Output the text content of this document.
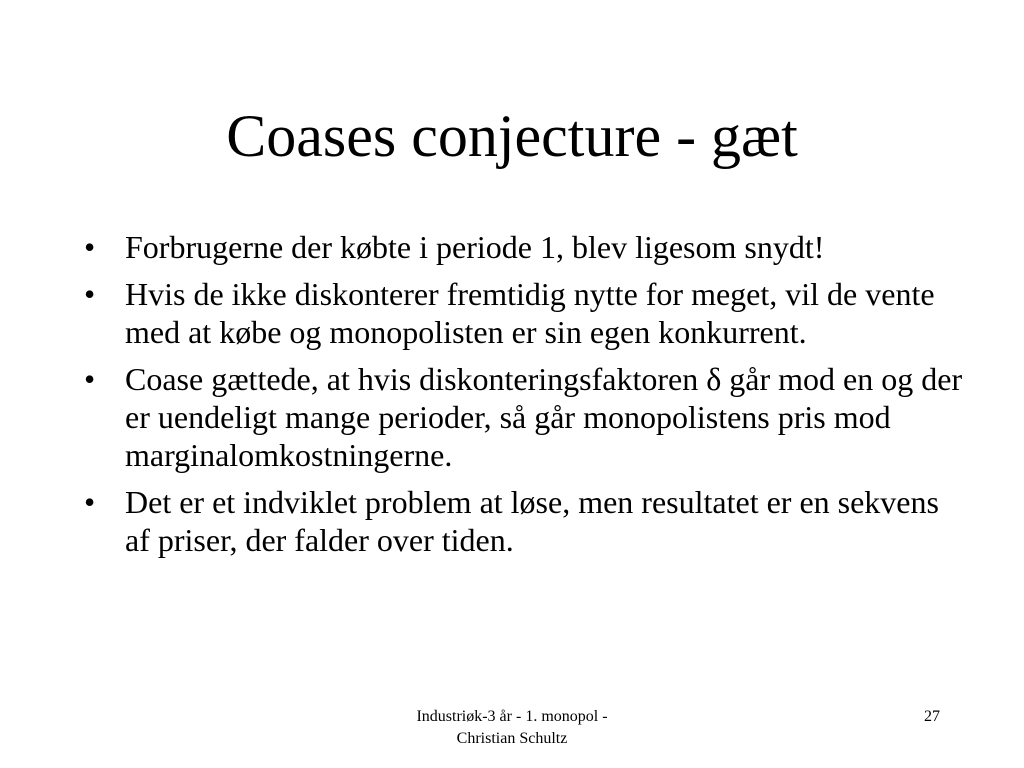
Coases conjecture - gæt
• Forbrugerne der købte i periode 1, blev ligesom snydt!
• Hvis de ikke diskonterer fremtidig nytte for meget, vil de vente med at købe og monopolisten er sin egen konkurrent.
• Coase gættede, at hvis diskonteringsfaktoren δ går mod en og der er uendeligt mange perioder, så går monopolistens pris mod marginalomkostningerne.
• Det er et indviklet problem at løse, men resultatet er en sekvens af priser, der falder over tiden.
Industriøk-3 år - 1. monopol -
Christian Schultz
27
